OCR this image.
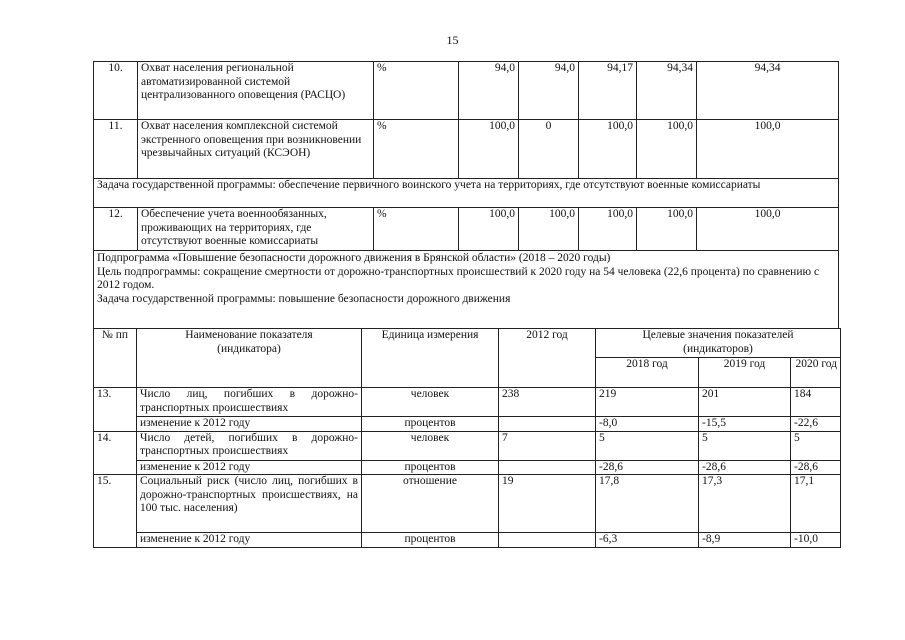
15
10.	Охват населения региональной автоматизированной системой централизованного оповещения (РАСЦО)	%	94,0	94,0	94,17	94,34	94,34
11.	Охват населения комплексной системой экстренного оповещения при возникновении чрезвычайных ситуаций (КСЭОН)	%	100,0	0	100,0	100,0	100,0
Задача государственной программы: обеспечение первичного воинского учета на территориях, где отсутствуют военные комиссариаты							
12.	Обеспечение учета военнообязанных, проживающих на территориях, где отсутствуют военные комиссариаты	%	100,0	100,0	100,0	100,0	100,0

Подпрограмма «Повышение безопасности дорожного движения в Брянской области» (2018 – 2020 годы)
Цель подпрограммы: сокращение смертности от дорожно-транспортных происшествий к 2020 году на 54 человека (22,6 процента) по сравнению с 2012 годом.
Задача государственной программы: повышение безопасности дорожного движения							
№ пп	Наименование показателя (индикатора)	Единица измерения	2012 год	Целевые значения показателей (индикаторов)		
				2018 год	2019 год	2020 год
13.	Число лиц, погибших в дорожно-транспортных происшествиях	человек	238	219	201	184
	изменение к 2012 году	процентов		-8,0	-15,5	-22,6
14.	Число детей, погибших в дорожно-транспортных происшествиях	человек	7	5	5	5
	изменение к 2012 году	процентов		-28,6	-28,6	-28,6
15.	Социальный риск (число лиц, погибших в дорожно-транспортных происшествиях, на 100 тыс. населения)	отношение	19	17,8	17,3	17,1
	изменение к 2012 году	процентов		-6,3	-8,9	-10,0
